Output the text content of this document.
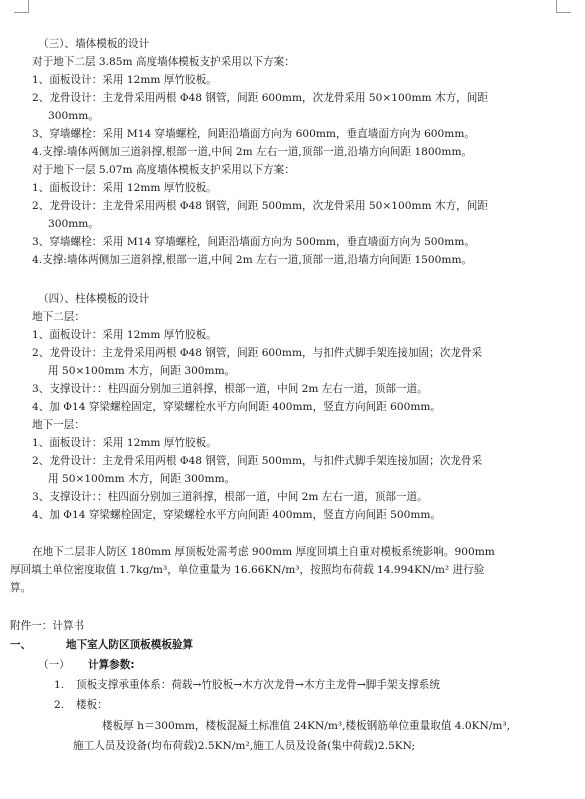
（三）、墙体模板的设计
对于地下二层 3.85m 高度墙体模板支护采用以下方案：
1、面板设计：采用 12mm 厚竹胶板。
2、龙骨设计：主龙骨采用两根 Φ48 钢管，间距 600mm，次龙骨采用 50×100mm 木方，间距
300mm。
3、穿墙螺栓：采用 M14 穿墙螺栓，间距沿墙面方向为 600mm，垂直墙面方向为 600mm。
4.支撑:墙体两侧加三道斜撑,根部一道,中间 2m 左右一道,顶部一道,沿墙方向间距 1800mm。
对于地下一层 5.07m 高度墙体模板支护采用以下方案：
1、面板设计：采用 12mm 厚竹胶板。
2、龙骨设计：主龙骨采用两根 Φ48 钢管，间距 500mm，次龙骨采用 50×100mm 木方，间距
300mm。
3、穿墙螺栓：采用 M14 穿墙螺栓，间距沿墙面方向为 500mm，垂直墙面方向为 500mm。
4.支撑:墙体两侧加三道斜撑,根部一道,中间 2m 左右一道,顶部一道,沿墙方向间距 1500mm。
（四）、柱体模板的设计
地下二层：
1、面板设计：采用 12mm 厚竹胶板。
2、龙骨设计：主龙骨采用两根 Φ48 钢管，间距 600mm，与扣件式脚手架连接加固；次龙骨采
用 50×100mm 木方，间距 300mm。
3、支撑设计：：柱四面分别加三道斜撑，根部一道，中间 2m 左右一道，顶部一道。
4、加 Φ14 穿梁螺栓固定，穿梁螺栓水平方向间距 400mm，竖直方向间距 600mm。
地下一层：
1、面板设计：采用 12mm 厚竹胶板。
2、龙骨设计：主龙骨采用两根 Φ48 钢管，间距 500mm，与扣件式脚手架连接加固；次龙骨采
用 50×100mm 木方，间距 300mm。
3、支撑设计：：柱四面分别加三道斜撑，根部一道，中间 2m 左右一道，顶部一道。
4、加 Φ14 穿梁螺栓固定，穿梁螺栓水平方向间距 400mm，竖直方向间距 500mm。
在地下二层非人防区 180mm 厚顶板处需考虑 900mm 厚度回填土自重对模板系统影响。900mm
厚回填土单位密度取值 1.7kg/m³，单位重量为 16.66KN/m³，按照均布荷载 14.994KN/m² 进行验
算。
附件一：计算书
一、	地下室人防区顶板模板验算
（一） 计算参数:
1. 顶板支撑承重体系：荷载→竹胶板→木方次龙骨→木方主龙骨→脚手架支撑系统
2. 楼板：
楼板厚 h＝300mm，楼板混凝土标准值 24KN/m³,楼板钢筋单位重量取值 4.0KN/m³,
施工人员及设备(均布荷载)2.5KN/m²,施工人员及设备(集中荷载)2.5KN;
